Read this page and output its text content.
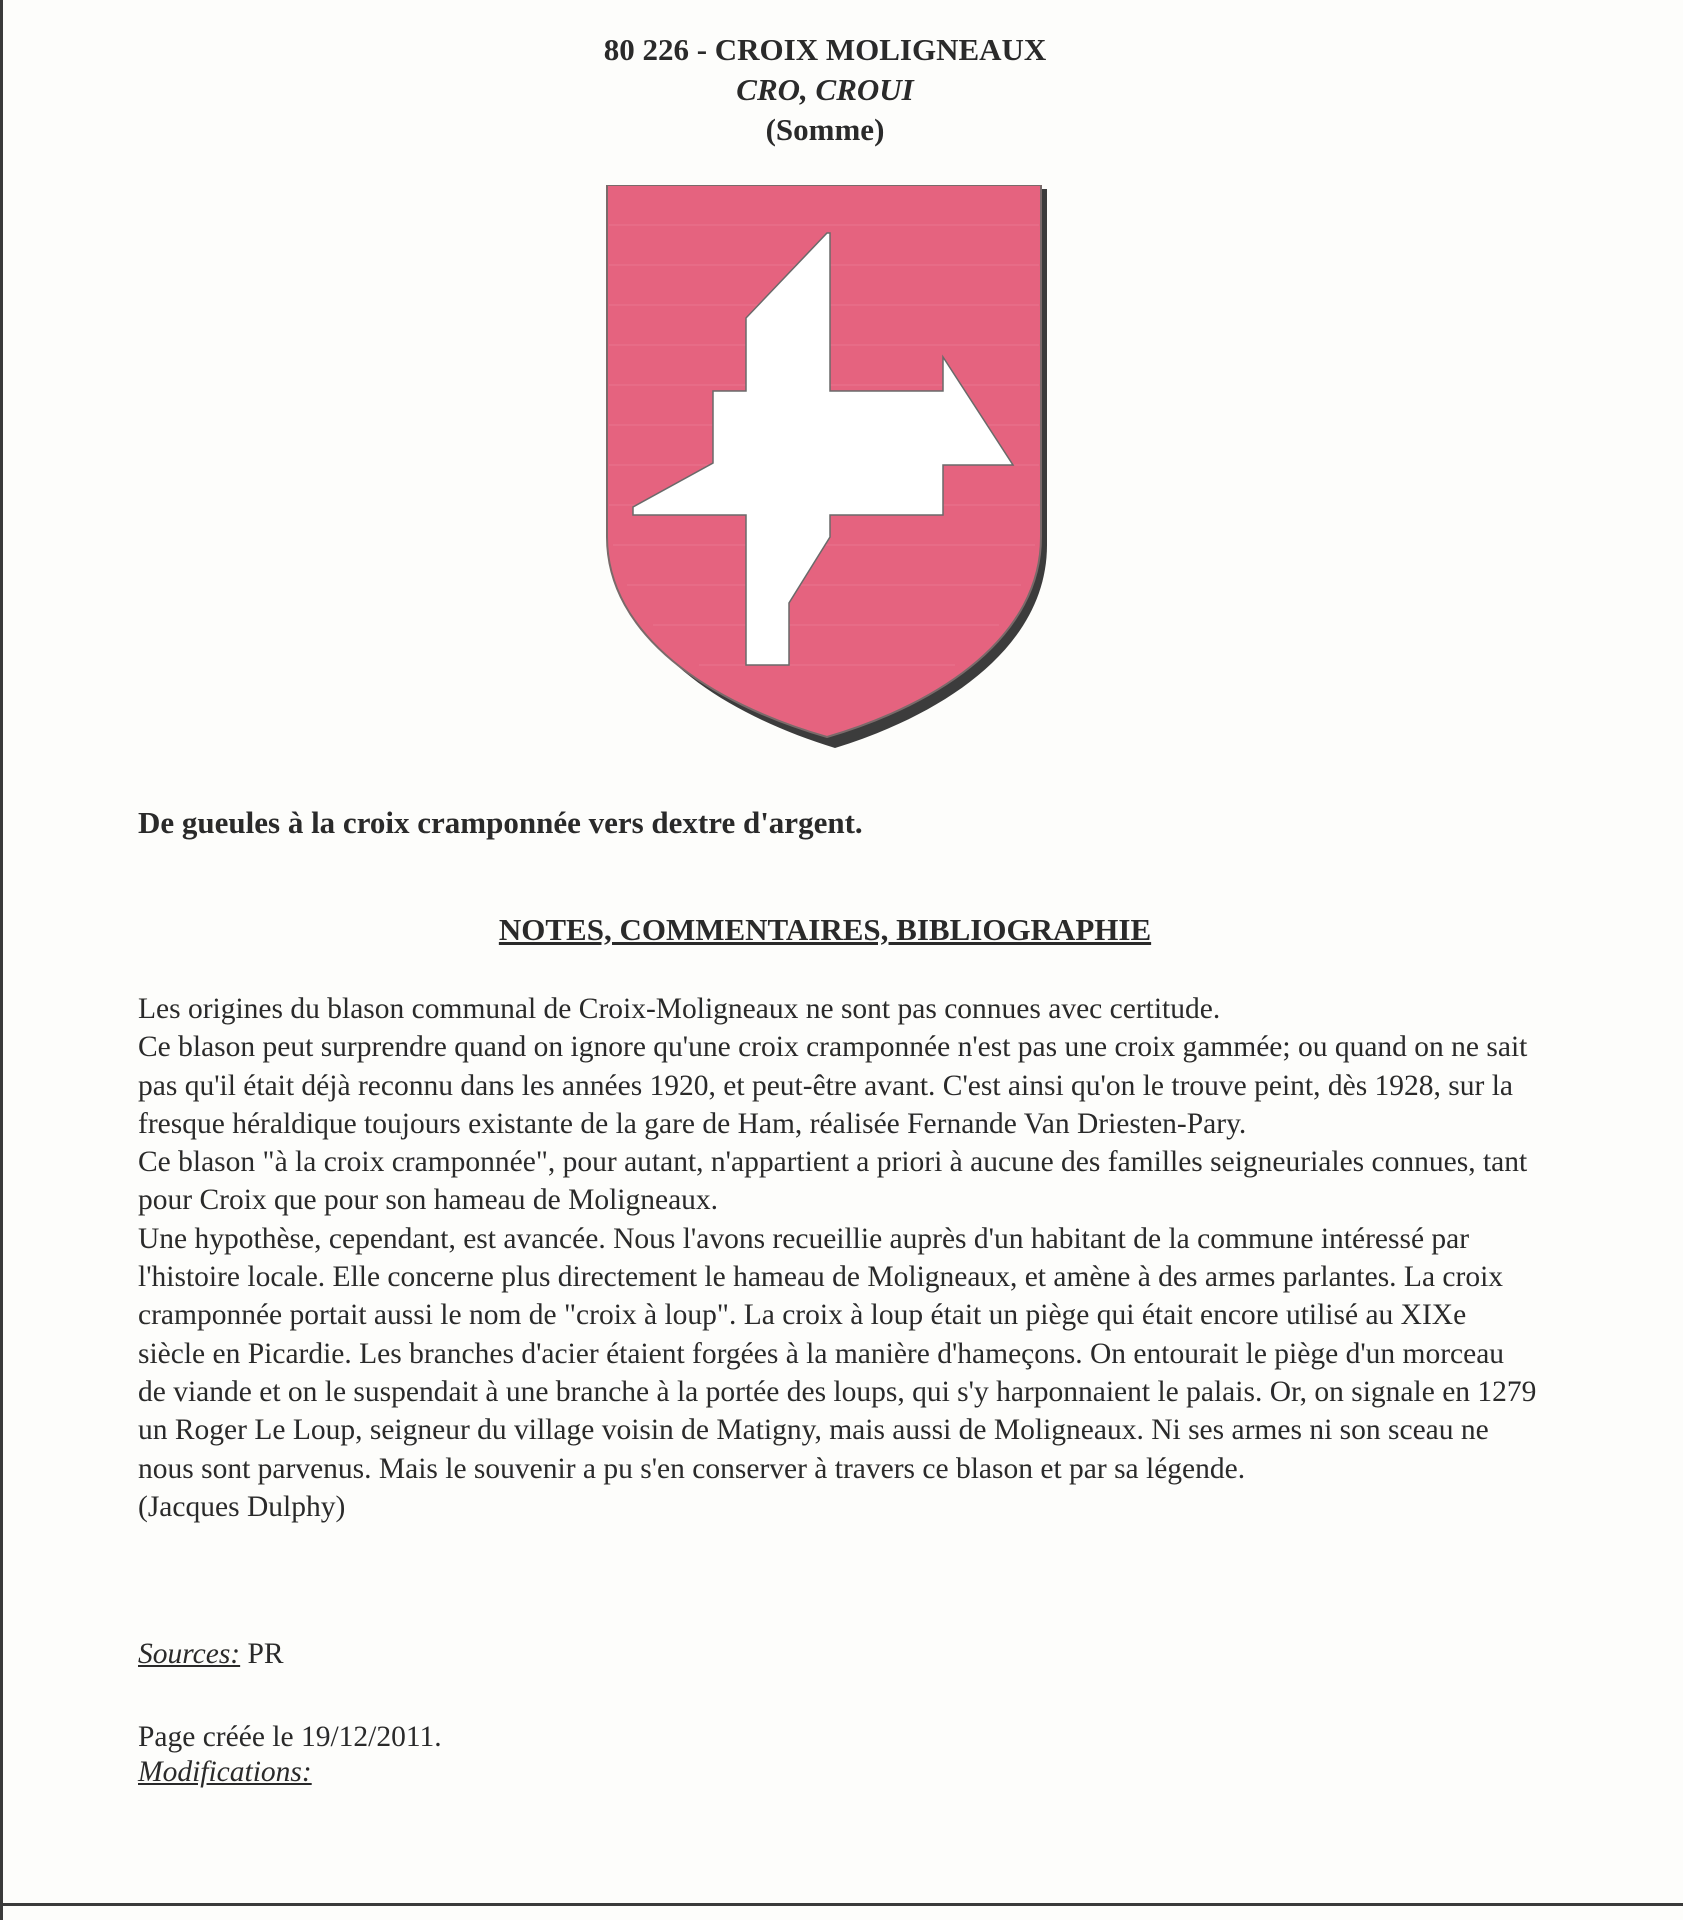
80 226 - CROIX MOLIGNEAUX
CRO, CROUI
(Somme)
De gueules à la croix cramponnée vers dextre d'argent.
NOTES, COMMENTAIRES, BIBLIOGRAPHIE

Les origines du blason communal de Croix-Moligneaux ne sont pas connues avec certitude.

Ce blason peut surprendre quand on ignore qu'une croix cramponnée n'est pas une croix gammée; ou quand on ne sait pas qu'il était déjà reconnu dans les années 1920, et peut-être avant. C'est ainsi qu'on le trouve peint, dès 1928, sur la fresque héraldique toujours existante de la gare de Ham, réalisée Fernande Van Driesten-Pary.

Ce blason "à la croix cramponnée", pour autant, n'appartient a priori à aucune des familles seigneuriales connues, tant pour Croix que pour son hameau de Moligneaux.

Une hypothèse, cependant, est avancée. Nous l'avons recueillie auprès d'un habitant de la commune intéressé par l'histoire locale. Elle concerne plus directement le hameau de Moligneaux, et amène à des armes parlantes. La croix cramponnée portait aussi le nom de "croix à loup". La croix à loup était un piège qui était encore utilisé au XIXe siècle en Picardie. Les branches d'acier étaient forgées à la manière d'hameçons. On entourait le piège d'un morceau de viande et on le suspendait à une branche à la portée des loups, qui s'y harponnaient le palais. Or, on signale en 1279 un Roger Le Loup, seigneur du village voisin de Matigny, mais aussi de Moligneaux. Ni ses armes ni son sceau ne nous sont parvenus. Mais le souvenir a pu s'en conserver à travers ce blason et par sa légende.

(Jacques Dulphy)

Sources: PR
Page créée le 19/12/2011.
Modifications:
